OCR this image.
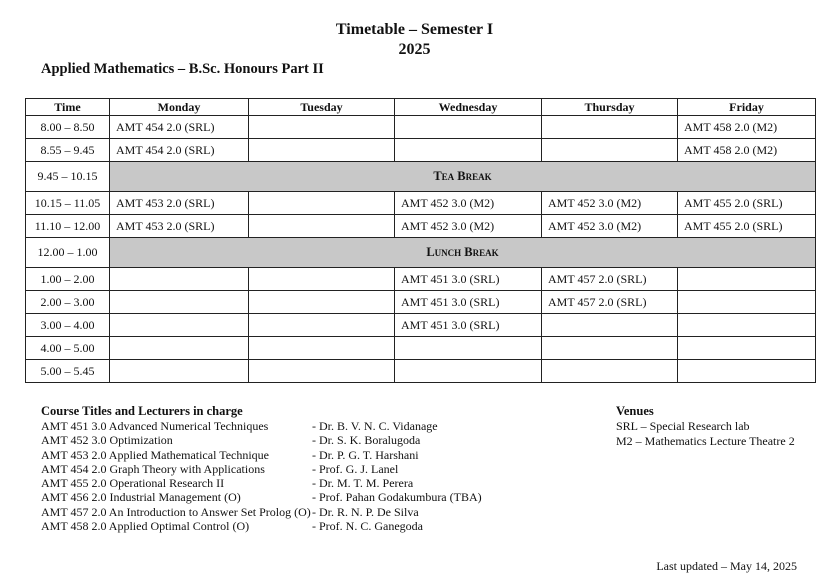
Timetable – Semester I
2025
Applied Mathematics – B.Sc. Honours Part II
Time	Monday	Tuesday	Wednesday	Thursday	Friday
8.00 – 8.50	AMT 454 2.0 (SRL)				AMT 458 2.0 (M2)
8.55 – 9.45	AMT 454 2.0 (SRL)				AMT 458 2.0 (M2)
9.45 – 10.15	Tea Break				
10.15 – 11.05	AMT 453 2.0 (SRL)		AMT 452 3.0 (M2)	AMT 452 3.0 (M2)	AMT 455 2.0 (SRL)
11.10 – 12.00	AMT 453 2.0 (SRL)		AMT 452 3.0 (M2)	AMT 452 3.0 (M2)	AMT 455 2.0 (SRL)
12.00 – 1.00	Lunch Break				
1.00 – 2.00			AMT 451 3.0 (SRL)	AMT 457 2.0 (SRL)	
2.00 – 3.00			AMT 451 3.0 (SRL)	AMT 457 2.0 (SRL)	
3.00 – 4.00			AMT 451 3.0 (SRL)		
4.00 – 5.00					
5.00 – 5.45					
Course Titles and Lecturers in charge
AMT 451 3.0 Advanced Numerical Techniques	- Dr. B. V. N. C. Vidanage
AMT 452 3.0 Optimization	- Dr. S. K. Boralugoda
AMT 453 2.0 Applied Mathematical Technique	- Dr. P. G. T. Harshani
AMT 454 2.0 Graph Theory with Applications	- Prof. G. J. Lanel
AMT 455 2.0 Operational Research II	- Dr. M. T. M. Perera
AMT 456 2.0 Industrial Management (O)	- Prof. Pahan Godakumbura (TBA)
AMT 457 2.0 An Introduction to Answer Set Prolog (O) - Dr. R. N. P. De Silva
AMT 458 2.0 Applied Optimal Control (O)	- Prof. N. C. Ganegoda
Venues
SRL – Special Research lab
M2 – Mathematics Lecture Theatre 2
Last updated – May 14, 2025
